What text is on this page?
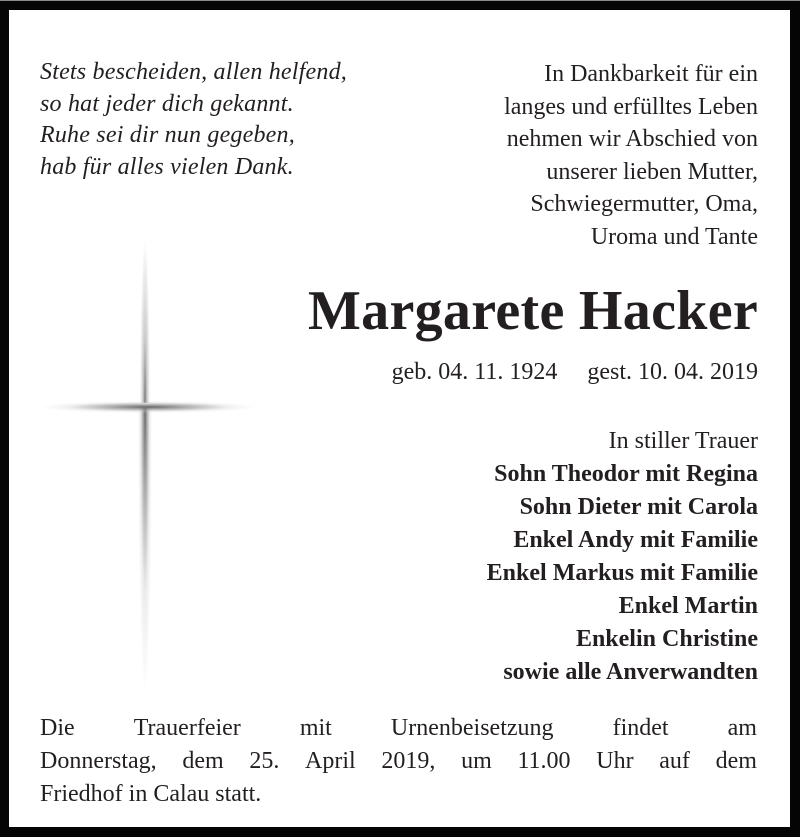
Stets bescheiden, allen helfend,
so hat jeder dich gekannt.
Ruhe sei dir nun gegeben,
hab für alles vielen Dank.
In Dankbarkeit für ein
langes und erfülltes Leben
nehmen wir Abschied von
unserer lieben Mutter,
Schwiegermutter, Oma,
Uroma und Tante
Margarete Hacker
geb. 04. 11. 1924 gest. 10. 04. 2019
In stiller Trauer
Sohn Theodor mit Regina
Sohn Dieter mit Carola
Enkel Andy mit Familie
Enkel Markus mit Familie
Enkel Martin
Enkelin Christine
sowie alle Anverwandten
Die Trauerfeier mit Urnenbeisetzung findet am
Donnerstag, dem 25. April 2019, um 11.00 Uhr auf dem
Friedhof in Calau statt.
